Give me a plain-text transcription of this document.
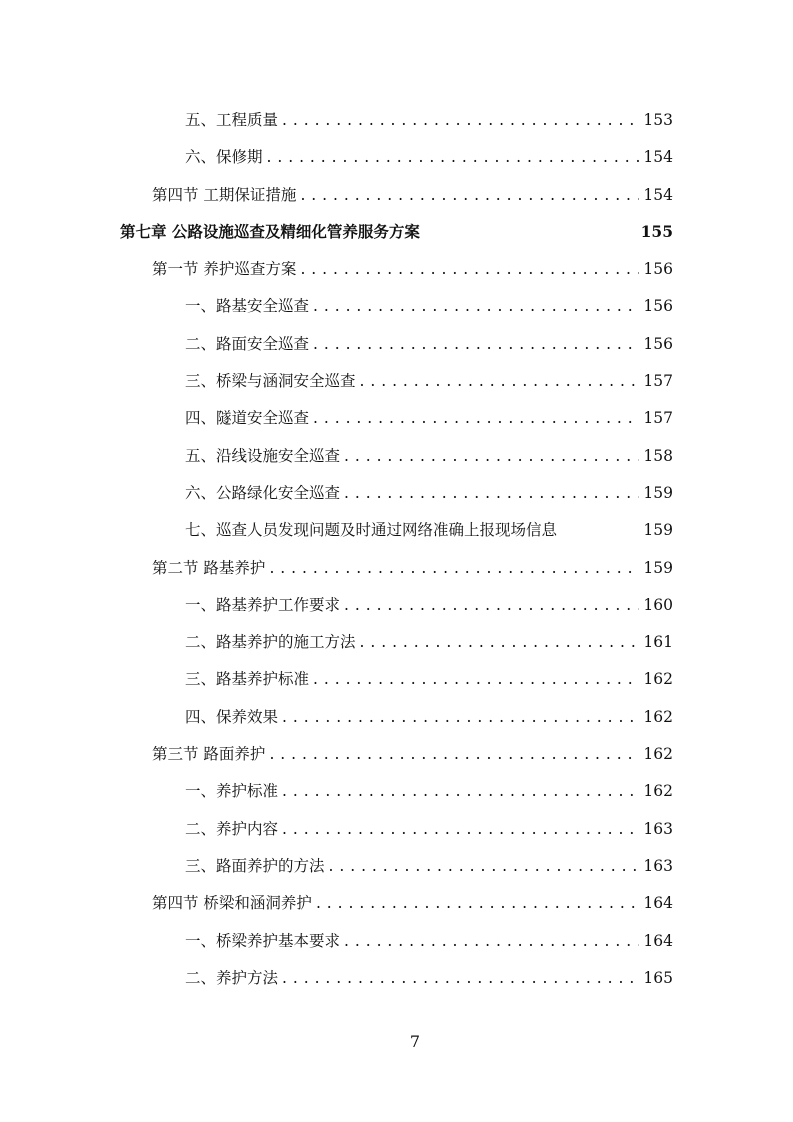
五、工程质量 . . .	153
六、保修期 . . .	154
第四节 工期保证措施 . . .	154
第七章 公路设施巡查及精细化管养服务方案	155
第一节 养护巡查方案 . . .	156
一、路基安全巡查 . . .	156
二、路面安全巡查 . . .	156
三、桥梁与涵洞安全巡查 . . .	157
四、隧道安全巡查 . . .	157
五、沿线设施安全巡查 . . .	158
六、公路绿化安全巡查 . . .	159
七、巡查人员发现问题及时通过网络准确上报现场信息	159
第二节 路基养护 . . .	159
一、路基养护工作要求 . . .	160
二、路基养护的施工方法 . . .	161
三、路基养护标准 . . .	162
四、保养效果 . . .	162
第三节 路面养护 . . .	162
一、养护标准 . . .	162
二、养护内容 . . .	163
三、路面养护的方法 . . .	163
第四节 桥梁和涵洞养护 . . .	164
一、桥梁养护基本要求 . . .	164
二、养护方法 . . .	165
7
